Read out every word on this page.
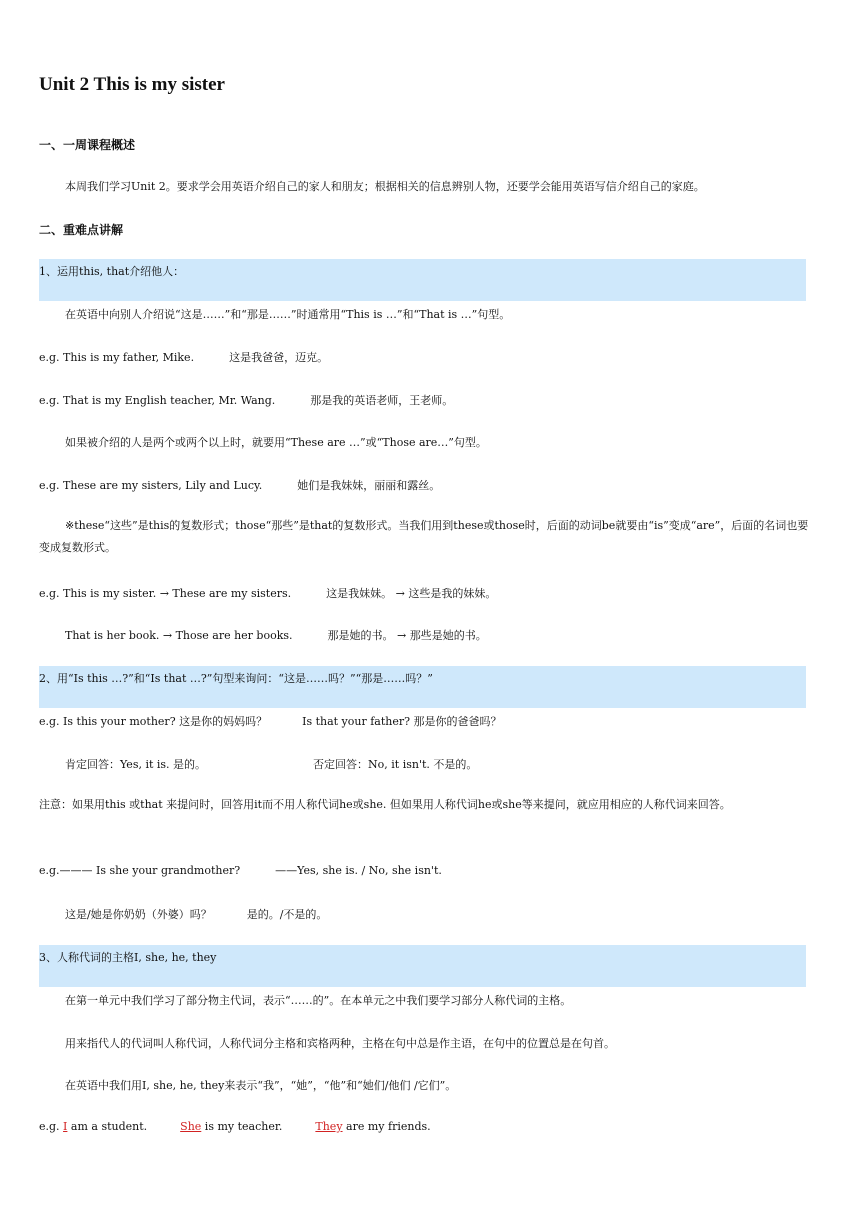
Unit 2 This is my sister

一、一周课程概述

本周我们学习Unit 2。要求学会用英语介绍自己的家人和朋友；根据相关的信息辨别人物，还要学会能用英语写信介绍自己的家庭。

二、重难点讲解

1、运用this, that介绍他人：

在英语中向别人介绍说“这是……”和“那是……”时通常用“This is …”和“That is …”句型。

e.g. This is my father, Mike.	这是我爸爸，迈克。

e.g. That is my English teacher, Mr. Wang.	那是我的英语老师，王老师。

如果被介绍的人是两个或两个以上时，就要用“These are …”或“Those are…”句型。

e.g. These are my sisters, Lily and Lucy.	她们是我妹妹，丽丽和露丝。

※these“这些”是this的复数形式；those“那些”是that的复数形式。当我们用到these或those时，后面的动词be就要由“is”变成“are”，后面的名词也要变成复数形式。

e.g. This is my sister. → These are my sisters.	这是我妹妹。 → 这些是我的妹妹。

That is her book. → Those are her books.	那是她的书。 → 那些是她的书。

2、用“Is this …?”和“Is that …?”句型来询问：“这是……吗？”“那是……吗？”

e.g. Is this your mother? 这是你的妈妈吗？	Is that your father? 那是你的爸爸吗？

肯定回答：Yes, it is. 是的。	否定回答：No, it isn't. 不是的。

注意：如果用this 或that 来提问时，回答用it而不用人称代词he或she. 但如果用人称代词he或she等来提问，就应用相应的人称代词来回答。

e.g.——— Is she your grandmother?	——Yes, she is. / No, she isn't.

这是/她是你奶奶（外婆）吗？	是的。/不是的。

3、人称代词的主格I, she, he, they

在第一单元中我们学习了部分物主代词，表示“……的”。在本单元之中我们要学习部分人称代词的主格。

用来指代人的代词叫人称代词，人称代词分主格和宾格两种，主格在句中总是作主语，在句中的位置总是在句首。

在英语中我们用I, she, he, they来表示“我”，“她”，“他”和“她们/他们 /它们”。

e.g. I am a student.	She is my teacher.	They are my friends.
